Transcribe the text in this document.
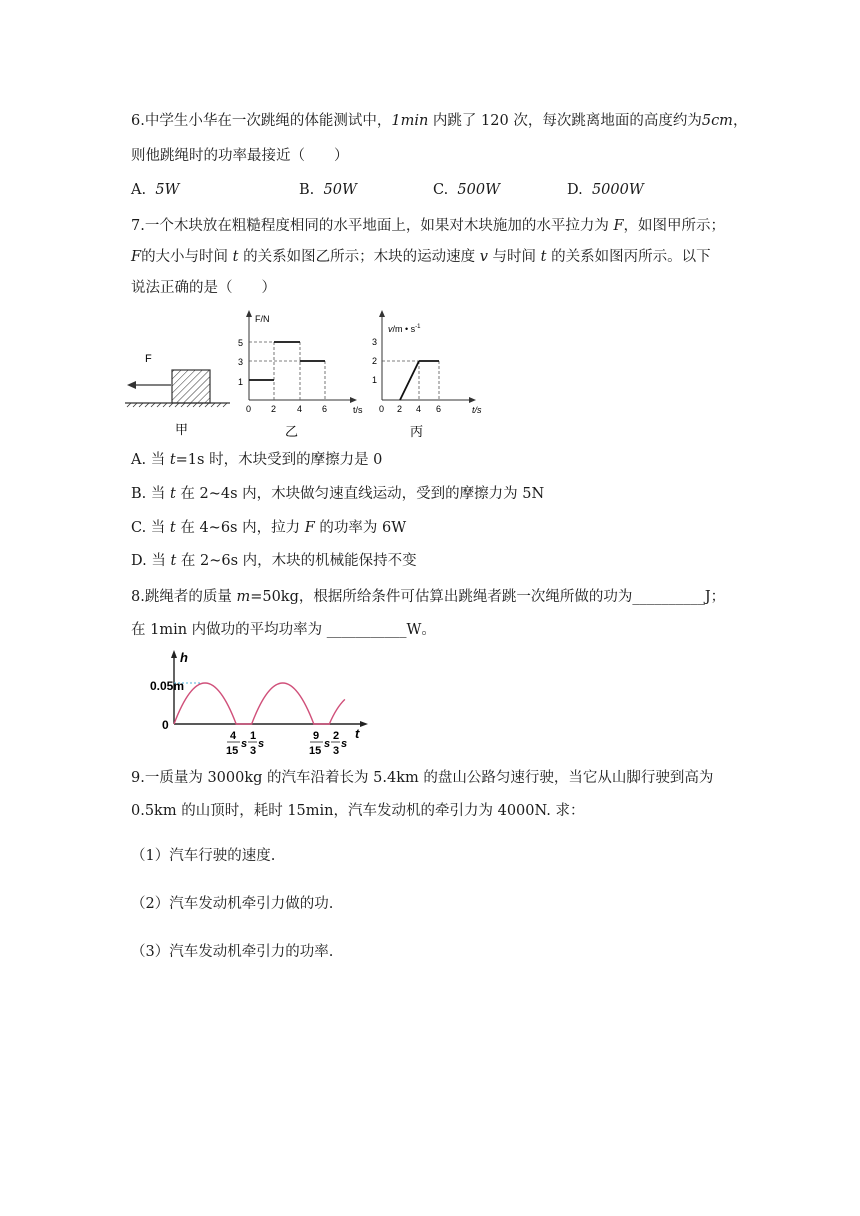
6.中学生小华在一次跳绳的体能测试中，1min 内跳了 120 次，每次跳离地面的高度约为5cm，
则他跳绳时的功率最接近（　　）
A. 5W	B. 50W	C. 500W	D. 5000W
7.一个木块放在粗糙程度相同的水平地面上，如果对木块施加的水平拉力为 F，如图甲所示；
F的大小与时间 t 的关系如图乙所示；木块的运动速度 v 与时间 t 的关系如图丙所示。以下
说法正确的是（　　）
F
甲
F/N
t/s
1
3
5
0 2 4 6
乙
v/m • $s^{-1}$
t/s
1
2
3
0 2 4 6
丙
A. 当 t=1s 时，木块受到的摩擦力是 0
B. 当 t 在 2~4s 内，木块做匀速直线运动，受到的摩擦力为 5N
C. 当 t 在 4~6s 内，拉力 F 的功率为 6W
D. 当 t 在 2~6s 内，木块的机械能保持不变
8.跳绳者的质量 m=50kg，根据所给条件可估算出跳绳者跳一次绳所做的功为__________J；
在 1min 内做功的平均功率为 ___________W。
h
t
0.05m
0
4
15
s
1
3
s
9
15
s
2
3
s
9.一质量为 3000kg 的汽车沿着长为 5.4km 的盘山公路匀速行驶，当它从山脚行驶到高为
0.5km 的山顶时，耗时 15min，汽车发动机的牵引力为 4000N. 求：
（1）汽车行驶的速度.
（2）汽车发动机牵引力做的功.
（3）汽车发动机牵引力的功率.
